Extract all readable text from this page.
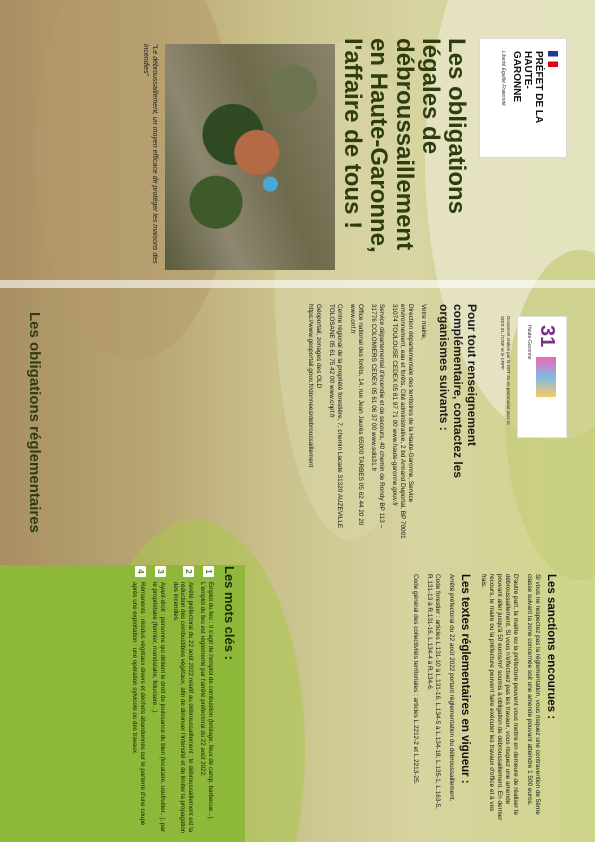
PRÉFET DE LA HAUTE-GARONNE
Liberté Égalité Fraternité
Les obligations légales de débroussaillement en Haute-Garonne, l'affaire de tous !
"Le débroussaillement, un moyen efficace de protéger les maisons des incendies"
31
Haute-Garonne
Document réalisé par la DDT 31 en partenariat avec le SDIS 31, l'ONF et le CRPF
Pour tout renseignement complémentaire, contactez les organismes suivants :

Votre mairie,

Direction départementale des territoires de la Haute-Garonne, Service environnement, eau et forêts, Cité administrative, 2 bd Armand Duportal, BP 70001 31074 TOULOUSE CEDEX 05 81 97 71 00 www.haute-garonne.gouv.fr

Service départemental d'incendie et de secours, 40 chemin de Rondy BP 113 – 31776 COLOMIERS CEDEX 05 61 06 37 00 www.sdis31.fr

Office national des forêts, 14, rue Jean Jaurès 65000 TARBES 05 62 44 20 20 www.onf.fr

Centre régional de la propriété forestière, 7, chemin Lacade 31320 AUZEVILLE TOLOSANE 05 61 75 42 00 www.cnpf.fr

Géoportail, zonages des OLD https://www.geoportail.gouv.fr/donnees/debroussaillement

Les obligations réglementaires
Les sanctions encourues :

Si vous ne respectez pas la réglementation, vous risquez une contravention de 5ème classe suivant la zone concernée soit une amende pouvant atteindre 1 500 euros.

D'autre part, la mairie ou la préfecture peuvent vous mettre en demeure de réaliser le débroussaillement. Si vous n'effectuez pas les travaux, vous risquez une amende pouvant aller jusqu'à 50 euros/m² soumis à obligation de débroussaillement. En dernier recours, le maire ou la préfecture peuvent faire exécuter les travaux d'office et à vos frais.

Les textes réglementaires en vigueur :

Arrêté préfectoral du 22 août 2022 portant réglementation du débroussaillement.

Code forestier : articles L.131-10 à L.131-16, L.134-5 à L.134-18, L.135-1, L.163-5, R.131-13 à R.131-16, L.134-4 à R.134-6.

Code général des collectivités territoriales : articles L.2212-2 et L.2213-25.

Les mots clés :
1
Emploi du feu : Il s'agit de l'emploi de combustion (brûlage, feux de camp, barbecue...). L'emploi du feu est réglementé par l'arrêté préfectoral du 22 août 2022.
2
Arrêté préfectoral du 22 août 2022 relatif au débroussaillement : le débroussaillement est la réduction des combustibles végétaux, afin de diminuer l'intensité et de limiter la propagation des incendies.
3
Ayant-droit : personne qui détient le droit de jouissance du bien (locataire, usufruitier...), par le propriétaire (fermier, mandataire, fiduciaire...).
4
Rémanents : résidus végétaux divers et déchets abandonnés sur le parterre d'une coupe après une exploitation : une opération sylvicole ou des travaux.
